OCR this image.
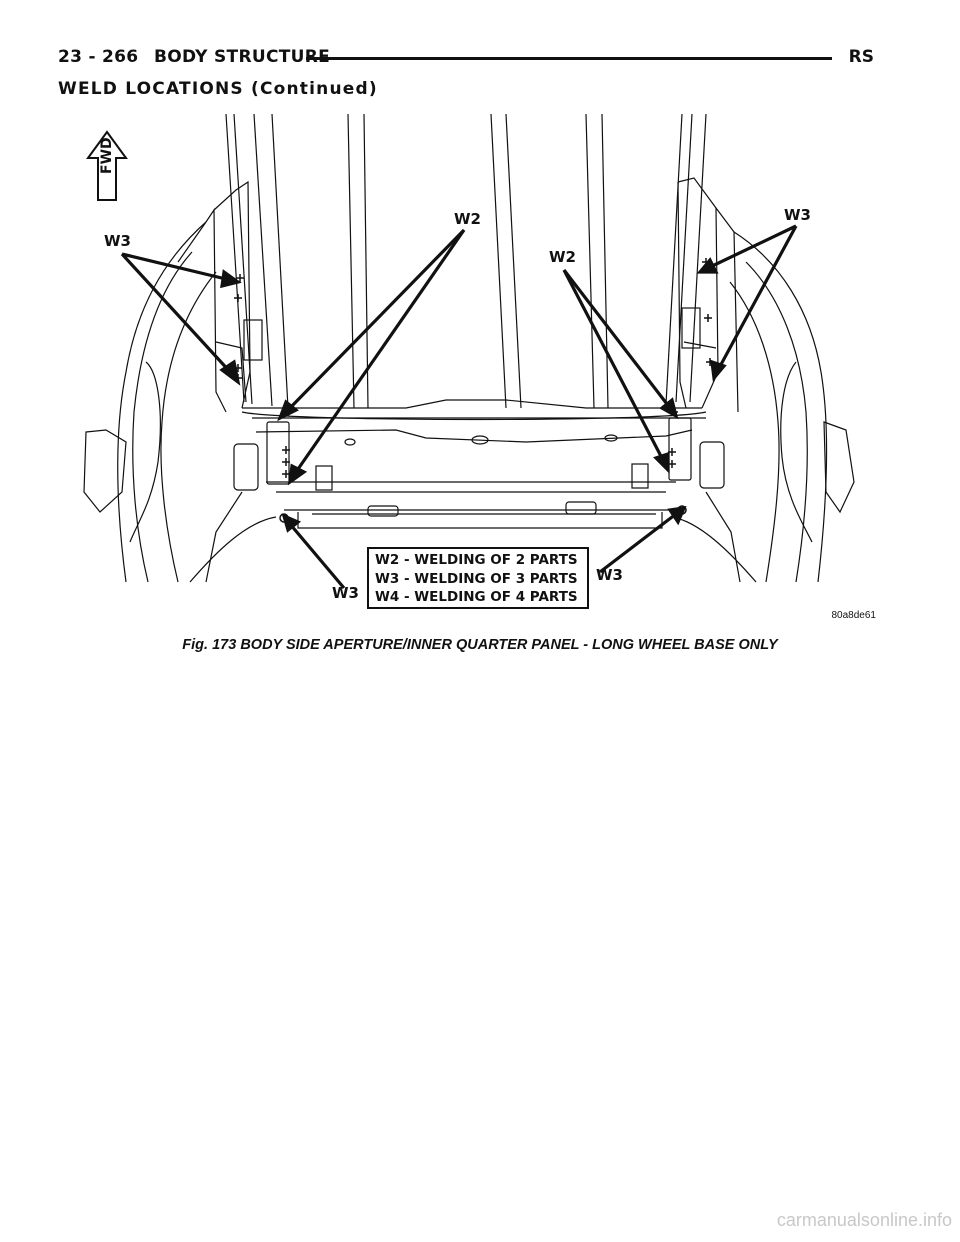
23 - 266 BODY STRUCTURE	RS
WELD LOCATIONS (Continued)
FWD
W3
W2
W2
W3
W3
W3
W2 - WELDING OF 2 PARTS
W3 - WELDING OF 3 PARTS
W4 - WELDING OF 4 PARTS
80a8de61
Fig. 173 BODY SIDE APERTURE/INNER QUARTER PANEL - LONG WHEEL BASE ONLY
carmanualsonline.info
